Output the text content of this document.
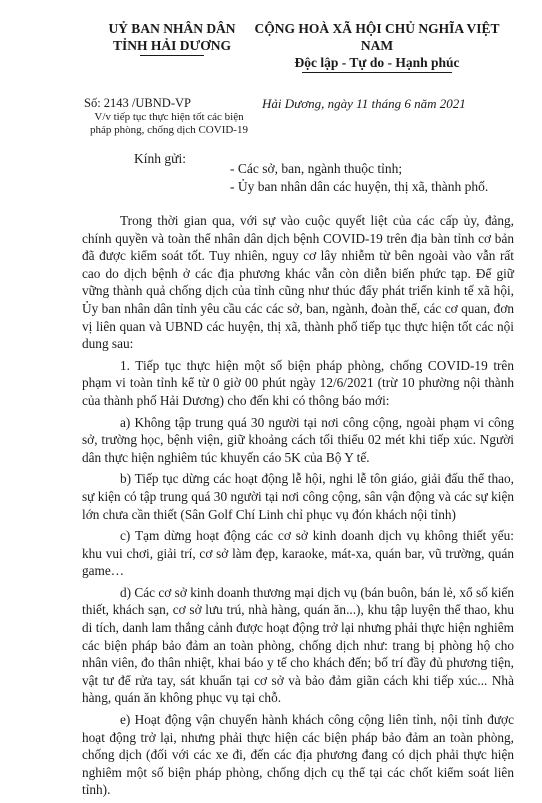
UỶ BAN NHÂN DÂN
TỈNH HẢI DƯƠNG
CỘNG HOÀ XÃ HỘI CHỦ NGHĨA VIỆT NAM
Độc lập - Tự do - Hạnh phúc
Số: 2143 /UBND-VP
V/v tiếp tục thực hiện tốt các biện
pháp phòng, chống dịch COVID-19
Hải Dương, ngày 11 tháng 6 năm 2021
Kính gửi:
- Các sở, ban, ngành thuộc tỉnh;
- Ủy ban nhân dân các huyện, thị xã, thành phố.

Trong thời gian qua, với sự vào cuộc quyết liệt của các cấp ủy, đảng, chính quyền và toàn thể nhân dân dịch bệnh COVID-19 trên địa bàn tỉnh cơ bản đã được kiểm soát tốt. Tuy nhiên, nguy cơ lây nhiễm từ bên ngoài vào vẫn rất cao do dịch bệnh ở các địa phương khác vẫn còn diễn biến phức tạp. Để giữ vững thành quả chống dịch của tỉnh cũng như thúc đẩy phát triển kinh tế xã hội, Ủy ban nhân dân tỉnh yêu cầu các các sở, ban, ngành, đoàn thể, các cơ quan, đơn vị liên quan và UBND các huyện, thị xã, thành phố tiếp tục thực hiện tốt các nội dung sau:

1. Tiếp tục thực hiện một số biện pháp phòng, chống COVID-19 trên phạm vi toàn tỉnh kể từ 0 giờ 00 phút ngày 12/6/2021 (trừ 10 phường nội thành của thành phố Hải Dương) cho đến khi có thông báo mới:

a) Không tập trung quá 30 người tại nơi công cộng, ngoài phạm vi công sở, trường học, bệnh viện, giữ khoảng cách tối thiểu 02 mét khi tiếp xúc. Người dân thực hiện nghiêm túc khuyến cáo 5K của Bộ Y tế.

b) Tiếp tục dừng các hoạt động lễ hội, nghi lễ tôn giáo, giải đấu thể thao, sự kiện có tập trung quá 30 người tại nơi công cộng, sân vận động và các sự kiện lớn chưa cần thiết (Sân Golf Chí Linh chỉ phục vụ đón khách nội tỉnh)

c) Tạm dừng hoạt động các cơ sở kinh doanh dịch vụ không thiết yếu: khu vui chơi, giải trí, cơ sở làm đẹp, karaoke, mát-xa, quán bar, vũ trường, quán game…

d) Các cơ sở kinh doanh thương mại dịch vụ (bán buôn, bán lẻ, xổ số kiến thiết, khách sạn, cơ sở lưu trú, nhà hàng, quán ăn...), khu tập luyện thể thao, khu di tích, danh lam thắng cảnh được hoạt động trở lại nhưng phải thực hiện nghiêm các biện pháp bảo đảm an toàn phòng, chống dịch như: trang bị phòng hộ cho nhân viên, đo thân nhiệt, khai báo y tế cho khách đến; bố trí đầy đủ phương tiện, vật tư để rửa tay, sát khuẩn tại cơ sở và bảo đảm giãn cách khi tiếp xúc... Nhà hàng, quán ăn không phục vụ tại chỗ.

e) Hoạt động vận chuyển hành khách công cộng liên tỉnh, nội tỉnh được hoạt động trở lại, nhưng phải thực hiện các biện pháp bảo đảm an toàn phòng, chống dịch (đối với các xe đi, đến các địa phương đang có dịch phải thực hiện nghiêm một số biện pháp phòng, chống dịch cụ thể tại các chốt kiểm soát liên tỉnh).
